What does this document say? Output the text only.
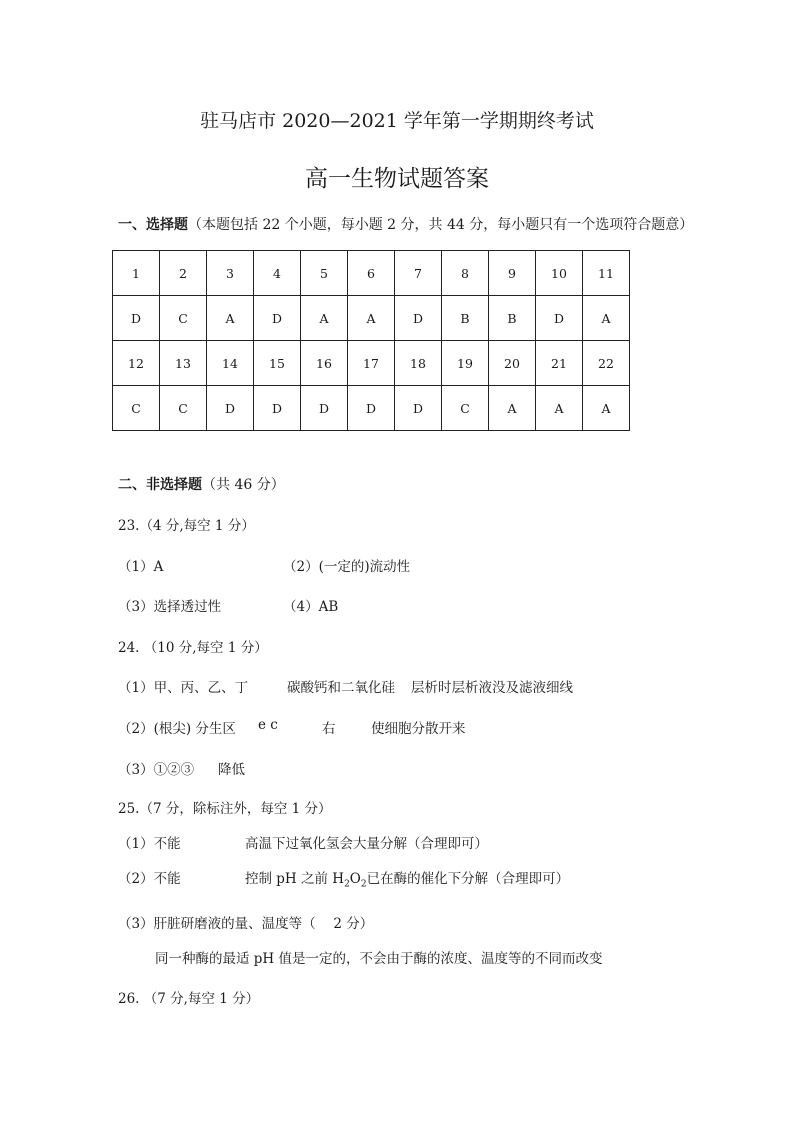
驻马店市 2020—2021 学年第一学期期终考试
高一生物试题答案
一、选择题（本题包括 22 个小题，每小题 2 分，共 44 分，每小题只有一个选项符合题意）
1	2	3	4	5	6	7	8	9	10	11
D	C	A	D	A	A	D	B	B	D	A
12	13	14	15	16	17	18	19	20	21	22
C	C	D	D	D	D	D	C	A	A	A
二、非选择题（共 46 分）
23.（4 分,每空 1 分）
（1）A	（2）(一定的)流动性
（3）选择透过性	（4）AB
24. （10 分,每空 1 分）
（1）甲、丙、乙、丁	碳酸钙和二氧化硅 层析时层析液没及滤液细线
（2）(根尖) 分生区 e c	右	使细胞分散开来
（3）①②③ 降低
25.（7 分，除标注外，每空 1 分）
（1）不能	高温下过氧化氢会大量分解（合理即可）
（2）不能	控制 pH 之前 $H_2O_2$已在酶的催化下分解（合理即可）
（3）肝脏研磨液的量、温度等（　 2 分）
同一种酶的最适 pH 值是一定的，不会由于酶的浓度、温度等的不同而改变
26. （7 分,每空 1 分）
